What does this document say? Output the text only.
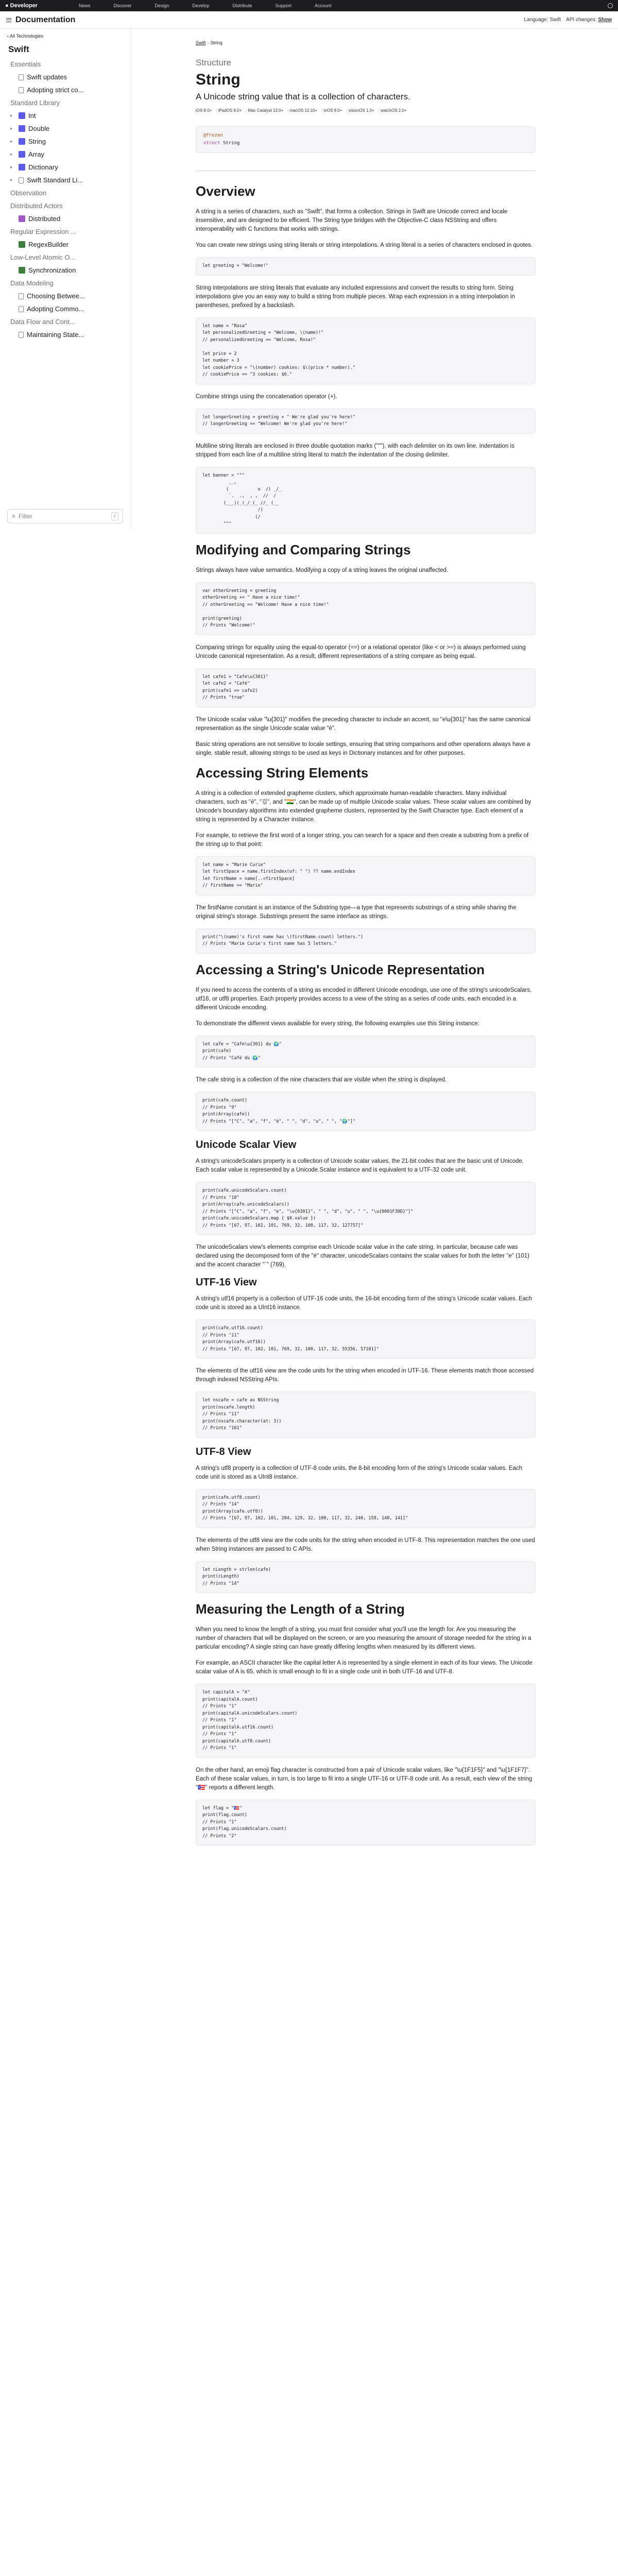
● Developer	News	Discover	Design	Develop	Distribute	Support	Account
Documentation	Language: Swift API changes: Show
‹ All Technologies
Swift
Essentials
Swift updates
Adopting strict co...
Standard Library
▸	Int
▸	Double
▸	String
▸	Array
▸	Dictionary
▸	Swift Standard Li...
Observation
Distributed Actors
Distributed
Regular Expression ...
RegexBuilder
Low-Level Atomic O...
Synchronization
Data Modeling
Choosing Betwee...
Adopting Commo...
Data Flow and Cont...
Maintaining State...
≡ Filter	/
Swift › String
Structure
String
A Unicode string value that is a collection of characters.
iOS 8.0+	| iPadOS 8.0+	| Mac Catalyst 13.0+	| macOS 10.10+	| tvOS 9.0+	| visionOS 1.0+	| watchOS 2.0+
@frozen
struct String
Overview

A string is a series of characters, such as "Swift", that forms a collection. Strings in Swift are Unicode correct and locale insensitive, and are designed to be efficient. The String type bridges with the Objective-C class NSString and offers interoperability with C functions that works with strings.

You can create new strings using string literals or string interpolations. A string literal is a series of characters enclosed in quotes.

let greeting = "Welcome!"

String interpolations are string literals that evaluate any included expressions and convert the results to string form. String interpolations give you an easy way to build a string from multiple pieces. Wrap each expression in a string interpolation in parentheses, prefixed by a backslash.

let name = "Rosa"
let personalizedGreeting = "Welcome, \(name)!"
// personalizedGreeting == "Welcome, Rosa!"

let price = 2
let number = 3
let cookiePrice = "\(number) cookies: $\(price * number)."
// cookiePrice == "3 cookies: $6."

Combine strings using the concatenation operator (+).

let longerGreeting = greeting + " We're glad you're here!"
// longerGreeting == "Welcome! We're glad you're here!"

Multiline string literals are enclosed in three double quotation marks ("""), with each delimiter on its own line. Indentation is stripped from each line of a multiline string literal to match the indentation of the closing delimiter.

let banner = """
__,
(           o  /) _/_
`.  .,  , ,  //  /
(___)(_(_/_(_ //_ (__
/)
(/
"""
Modifying and Comparing Strings

Strings always have value semantics. Modifying a copy of a string leaves the original unaffected.

var otherGreeting = greeting
otherGreeting += " Have a nice time!"
// otherGreeting == "Welcome! Have a nice time!"

print(greeting)
// Prints "Welcome!"

Comparing strings for equality using the equal-to operator (==) or a relational operator (like < or >=) is always performed using Unicode canonical representation. As a result, different representations of a string compare as being equal.

let cafe1 = "Cafe\u{301}"
let cafe2 = "Café"
print(cafe1 == cafe2)
// Prints "true"

The Unicode scalar value "\u{301}" modifies the preceding character to include an accent, so "e\u{301}" has the same canonical representation as the single Unicode scalar value "é".

Basic string operations are not sensitive to locale settings, ensuring that string comparisons and other operations always have a single, stable result, allowing strings to be used as keys in Dictionary instances and for other purposes.

Accessing String Elements

A string is a collection of extended grapheme clusters, which approximate human-readable characters. Many individual characters, such as "é", "김", and "🇮🇳", can be made up of multiple Unicode scalar values. These scalar values are combined by Unicode's boundary algorithms into extended grapheme clusters, represented by the Swift Character type. Each element of a string is represented by a Character instance.

For example, to retrieve the first word of a longer string, you can search for a space and then create a substring from a prefix of the string up to that point:

let name = "Marie Curie"
let firstSpace = name.firstIndex(of: " ") ?? name.endIndex
let firstName = name[..<firstSpace]
// firstName == "Marie"

The firstName constant is an instance of the Substring type—a type that represents substrings of a string while sharing the original string's storage. Substrings present the same interface as strings.

print("\(name)'s first name has \(firstName.count) letters.")
// Prints "Marie Curie's first name has 5 letters."
Accessing a String's Unicode Representation

If you need to access the contents of a string as encoded in different Unicode encodings, use one of the string's unicodeScalars, utf16, or utf8 properties. Each property provides access to a view of the string as a series of code units, each encoded in a different Unicode encoding.

To demonstrate the different views available for every string, the following examples use this String instance:

let cafe = "Cafe\u{301} du 🌍"
print(cafe)
// Prints "Café du 🌍"

The cafe string is a collection of the nine characters that are visible when the string is displayed.

print(cafe.count)
// Prints "9"
print(Array(cafe))
// Prints "["C", "a", "f", "é", " ", "d", "u", " ", "🌍"]"
Unicode Scalar View

A string's unicodeScalars property is a collection of Unicode scalar values, the 21-bit codes that are the basic unit of Unicode. Each scalar value is represented by a Unicode.Scalar instance and is equivalent to a UTF-32 code unit.

print(cafe.unicodeScalars.count)
// Prints "10"
print(Array(cafe.unicodeScalars))
// Prints "["C", "a", "f", "e", "\u{0301}", " ", "d", "u", " ", "\u{0001F30D}"]"
print(cafe.unicodeScalars.map { $0.value })
// Prints "[67, 97, 102, 101, 769, 32, 100, 117, 32, 127757]"

The unicodeScalars view's elements comprise each Unicode scalar value in the cafe string. In particular, because cafe was declared using the decomposed form of the "é" character, unicodeScalars contains the scalar values for both the letter "e" (101) and the accent character "´" (769).

UTF-16 View

A string's utf16 property is a collection of UTF-16 code units, the 16-bit encoding form of the string's Unicode scalar values. Each code unit is stored as a UInt16 instance.

print(cafe.utf16.count)
// Prints "11"
print(Array(cafe.utf16))
// Prints "[67, 97, 102, 101, 769, 32, 100, 117, 32, 55356, 57101]"

The elements of the utf16 view are the code units for the string when encoded in UTF-16. These elements match those accessed through indexed NSString APIs.

let nscafe = cafe as NSString
print(nscafe.length)
// Prints "11"
print(nscafe.character(at: 3))
// Prints "101"
UTF-8 View

A string's utf8 property is a collection of UTF-8 code units, the 8-bit encoding form of the string's Unicode scalar values. Each code unit is stored as a UInt8 instance.

print(cafe.utf8.count)
// Prints "14"
print(Array(cafe.utf8))
// Prints "[67, 97, 102, 101, 204, 129, 32, 100, 117, 32, 240, 159, 140, 141]"

The elements of the utf8 view are the code units for the string when encoded in UTF-8. This representation matches the one used when String instances are passed to C APIs.

let cLength = strlen(cafe)
print(cLength)
// Prints "14"
Measuring the Length of a String

When you need to know the length of a string, you must first consider what you'll use the length for. Are you measuring the number of characters that will be displayed on the screen, or are you measuring the amount of storage needed for the string in a particular encoding? A single string can have greatly differing lengths when measured by its different views.

For example, an ASCII character like the capital letter A is represented by a single element in each of its four views. The Unicode scalar value of A is 65, which is small enough to fit in a single code unit in both UTF-16 and UTF-8.

let capitalA = "A"
print(capitalA.count)
// Prints "1"
print(capitalA.unicodeScalars.count)
// Prints "1"
print(capitalA.utf16.count)
// Prints "1"
print(capitalA.utf8.count)
// Prints "1"

On the other hand, an emoji flag character is constructed from a pair of Unicode scalar values, like "\u{1F1F5}" and "\u{1F1F7}". Each of these scalar values, in turn, is too large to fit into a single UTF-16 or UTF-8 code unit. As a result, each view of the string "🇵🇷" reports a different length.

let flag = "🇵🇷"
print(flag.count)
// Prints "1"
print(flag.unicodeScalars.count)
// Prints "2"
